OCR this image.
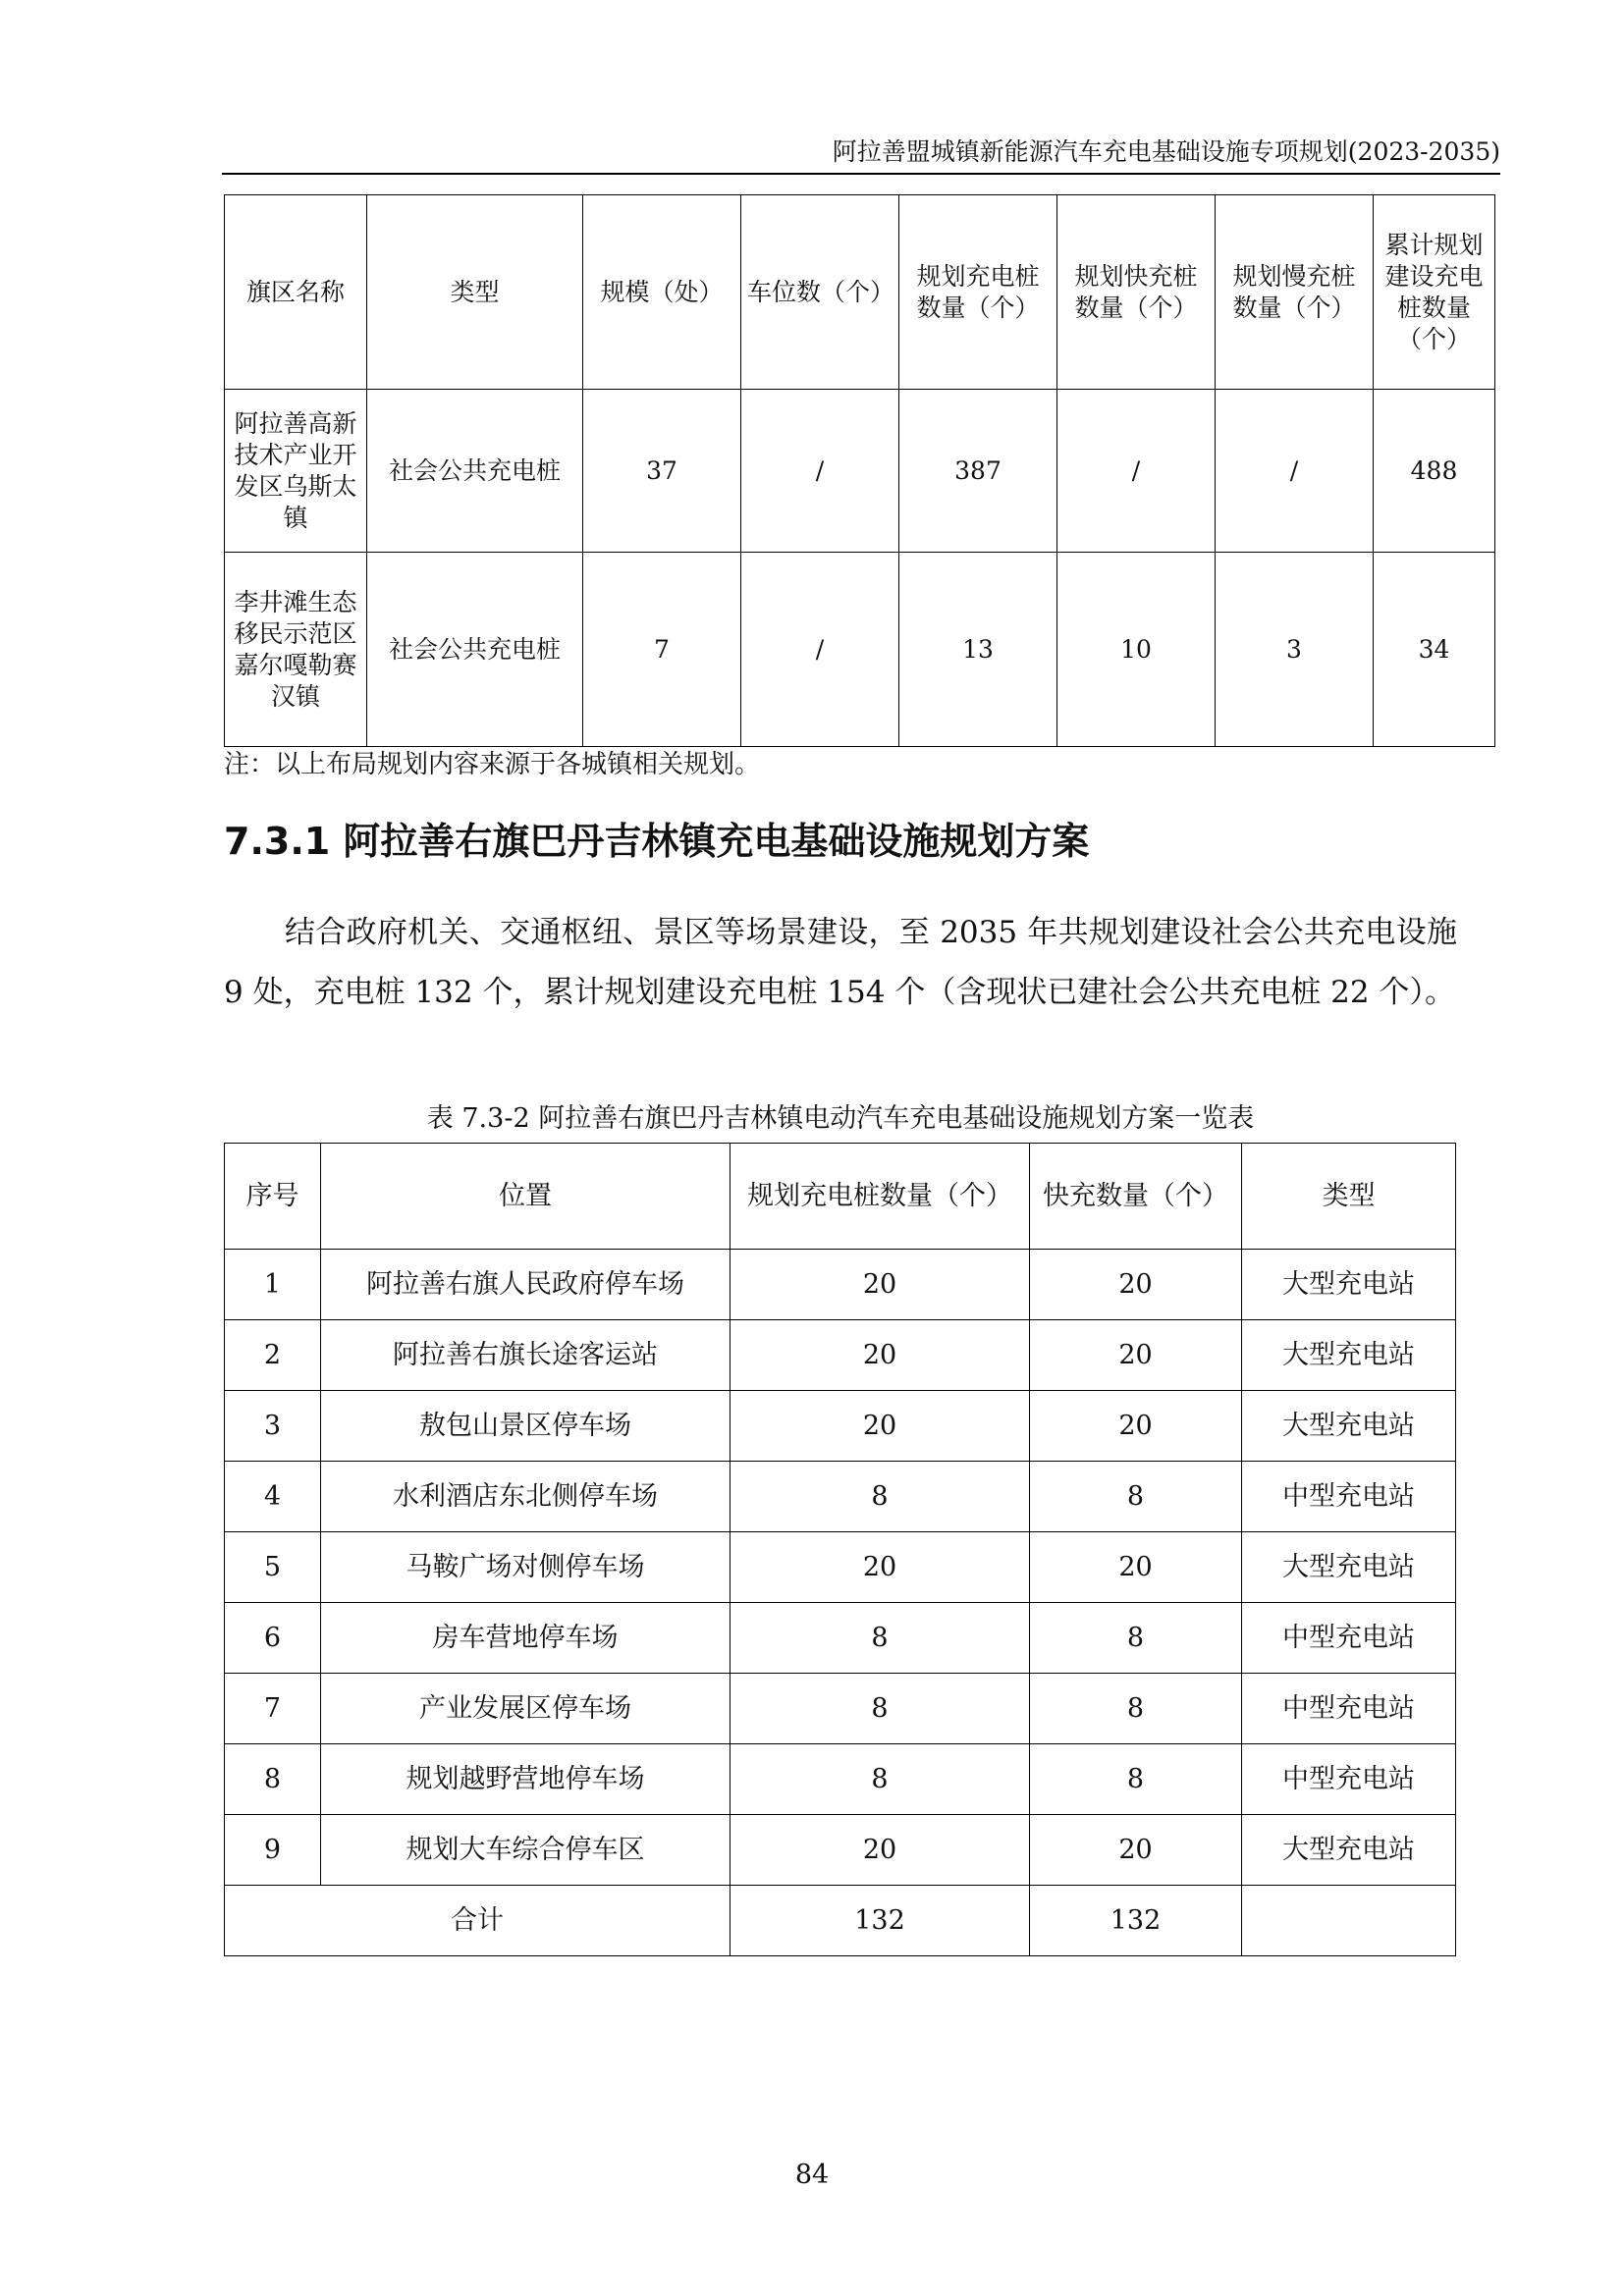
阿拉善盟城镇新能源汽车充电基础设施专项规划(2023-2035)
旗区名称	类型	规模（处）	车位数（个）	规划充电桩数量（个）	规划快充桩数量（个）	规划慢充桩数量（个）	累计规划建设充电桩数量（个）
阿拉善高新技术产业开发区乌斯太镇	社会公共充电桩	37	/	387	/	/	488
李井滩生态移民示范区嘉尔嘎勒赛汉镇	社会公共充电桩	7	/	13	10	3	34
注：以上布局规划内容来源于各城镇相关规划。
7.3.1 阿拉善右旗巴丹吉林镇充电基础设施规划方案
结合政府机关、交通枢纽、景区等场景建设，至 2035 年共规划建设社会公共充电设施 9 处，充电桩 132 个，累计规划建设充电桩 154 个（含现状已建社会公共充电桩 22 个）。
表 7.3-2 阿拉善右旗巴丹吉林镇电动汽车充电基础设施规划方案一览表
序号	位置	规划充电桩数量（个）	快充数量（个）	类型
1	阿拉善右旗人民政府停车场	20	20	大型充电站
2	阿拉善右旗长途客运站	20	20	大型充电站
3	敖包山景区停车场	20	20	大型充电站
4	水利酒店东北侧停车场	8	8	中型充电站
5	马鞍广场对侧停车场	20	20	大型充电站
6	房车营地停车场	8	8	中型充电站
7	产业发展区停车场	8	8	中型充电站
8	规划越野营地停车场	8	8	中型充电站
9	规划大车综合停车区	20	20	大型充电站
合计		132	132	
84
